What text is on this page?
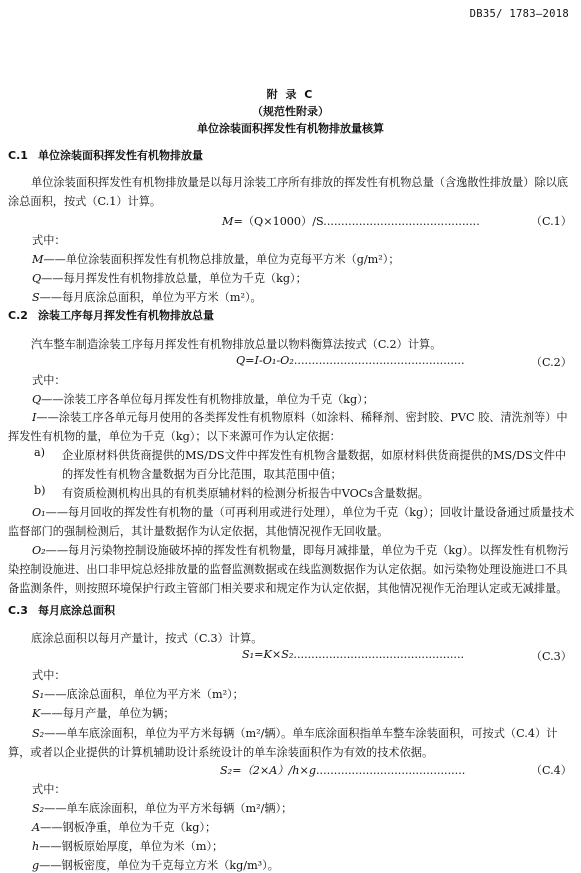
DB35/ 1783—2018
附 录 C
（规范性附录）
单位涂装面积挥发性有机物排放量核算
C.1 单位涂装面积挥发性有机物排放量
单位涂装面积挥发性有机物排放量是以每月涂装工序所有排放的挥发性有机物总量（含逸散性排放量）除以底涂总面积，按式（C.1）计算。
M=（Q×1000）/S............................................	（C.1）
式中：
M——单位涂装面积挥发性有机物总排放量，单位为克每平方米（g/m²）；
Q——每月挥发性有机物排放总量，单位为千克（kg）；
S——每月底涂总面积，单位为平方米（m²）。
C.2 涂装工序每月挥发性有机物排放总量
汽车整车制造涂装工序每月挥发性有机物排放总量以物料衡算法按式（C.2）计算。
Q=I-O₁-O₂................................................	（C.2）
式中：
Q——涂装工序各单位每月挥发性有机物排放量，单位为千克（kg）；
I——涂装工序各单元每月使用的各类挥发性有机物原料（如涂料、稀释剂、密封胶、PVC 胶、清洗剂等）中挥发性有机物的量，单位为千克（kg）；以下来源可作为认定依据：
a) 企业原材料供货商提供的MS/DS文件中挥发性有机物含量数据，如原材料供货商提供的MS/DS文件中的挥发性有机物含量数据为百分比范围，取其范围中值；
b) 有资质检测机构出具的有机类原辅材料的检测分析报告中VOCs含量数据。
O₁——每月回收的挥发性有机物的量（可再利用或进行处理），单位为千克（kg）；回收计量设备通过质量技术监督部门的强制检测后，其计量数据作为认定依据，其他情况视作无回收量。
O₂——每月污染物控制设施破坏掉的挥发性有机物量，即每月减排量，单位为千克（kg）。以挥发性有机物污染控制设施进、出口非甲烷总烃排放量的监督监测数据或在线监测数据作为认定依据。如污染物处理设施进口不具备监测条件，则按照环境保护行政主管部门相关要求和规定作为认定依据，其他情况视作无治理认定或无减排量。
C.3 每月底涂总面积
底涂总面积以每月产量计，按式（C.3）计算。
S₁=K×S₂................................................	（C.3）
式中：
S₁——底涂总面积，单位为平方米（m²）；
K——每月产量，单位为辆；
S₂——单车底涂面积，单位为平方米每辆（m²/辆）。单车底涂面积指单车整车涂装面积，可按式（C.4）计算，或者以企业提供的计算机辅助设计系统设计的单车涂装面积作为有效的技术依据。
S₂=（2×A）/h×g..........................................	（C.4）
式中：
S₂——单车底涂面积，单位为平方米每辆（m²/辆）；
A——钢板净重，单位为千克（kg）；
h——钢板原始厚度，单位为米（m）；
g——钢板密度，单位为千克每立方米（kg/m³）。
